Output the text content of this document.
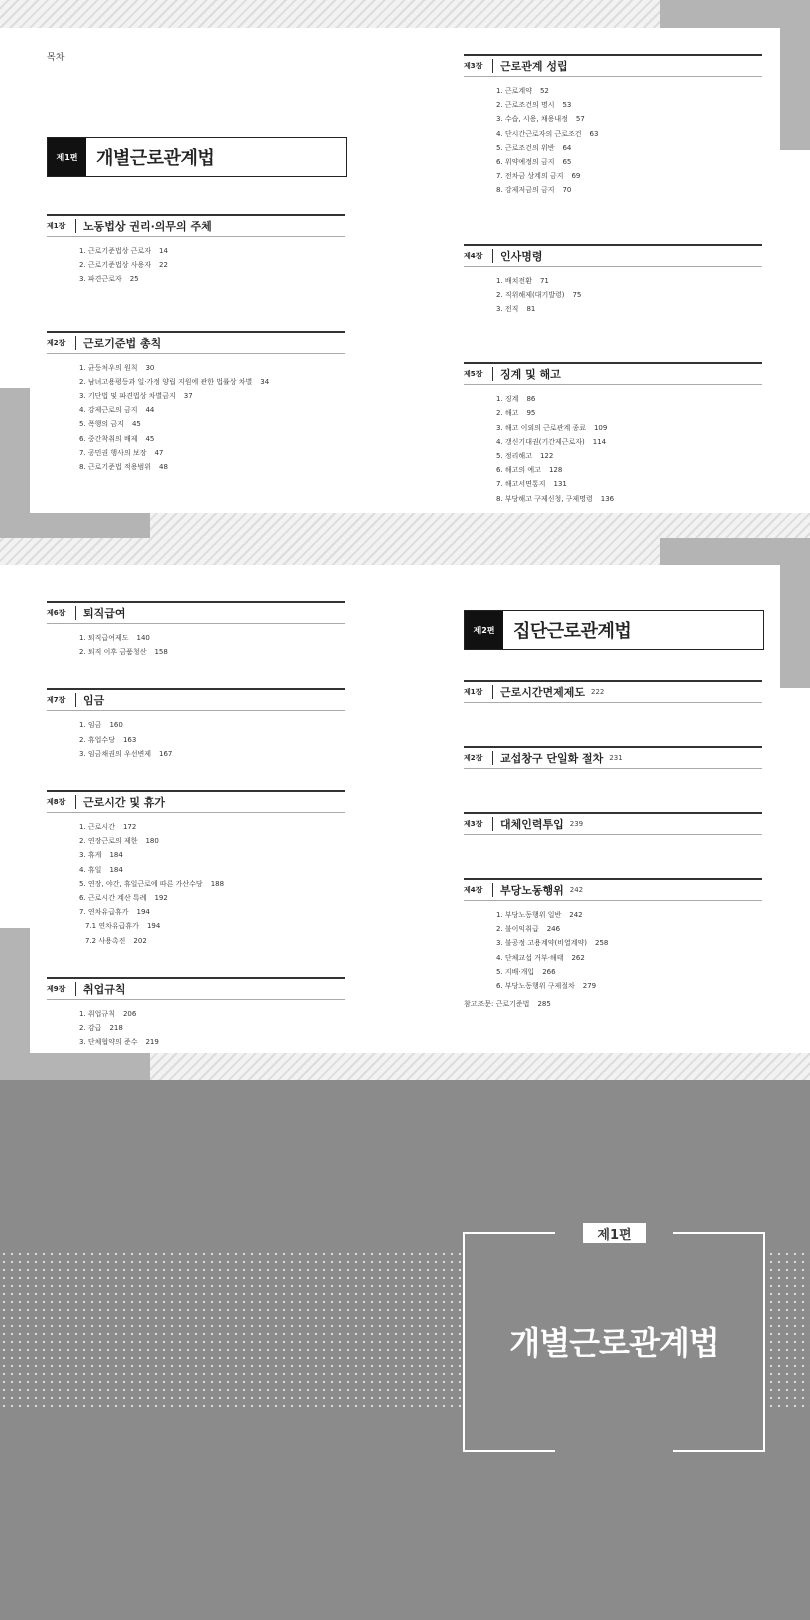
목차
제1편	개별근로관계법
제1장 노동법상 권리·의무의 주체
1. 근로기준법상 근로자 14
2. 근로기준법상 사용자 22
3. 파견근로자 25
제2장 근로기준법 총칙
1. 균등처우의 원칙 30
2. 남녀고용평등과 일·가정 양립 지원에 관한 법률상 차별 34
3. 기단법 및 파견법상 차별금지 37
4. 강제근로의 금지 44
5. 폭행의 금지 45
6. 중간착취의 배제 45
7. 공민권 행사의 보장 47
8. 근로기준법 적용범위 48
제3장 근로관계 성립
1. 근로계약 52
2. 근로조건의 명시 53
3. 수습, 시용, 채용내정 57
4. 단시간근로자의 근로조건 63
5. 근로조건의 위반 64
6. 위약예정의 금지 65
7. 전차금 상계의 금지 69
8. 강제저금의 금지 70
제4장 인사명령
1. 배치전환 71
2. 직위해제(대기발령) 75
3. 전직 81
제5장 징계 및 해고
1. 징계 86
2. 해고 95
3. 해고 이외의 근로관계 종료 109
4. 갱신기대권(기간제근로자) 114
5. 정리해고 122
6. 해고의 예고 128
7. 해고서면통지 131
8. 부당해고 구제신청, 구제명령 136
제6장 퇴직급여
1. 퇴직급여제도 140
2. 퇴직 이후 금품청산 158
제7장 임금
1. 임금 160
2. 휴업수당 163
3. 임금채권의 우선변제 167
제8장 근로시간 및 휴가
1. 근로시간 172
2. 연장근로의 제한 180
3. 휴게 184
4. 휴일 184
5. 연장, 야간, 휴일근로에 따른 가산수당 188
6. 근로시간 계산 특례 192
7. 연차유급휴가 194
7.1 연차유급휴가 194
7.2 사용촉진 202
제9장 취업규칙
1. 취업규칙 206
2. 감급 218
3. 단체협약의 준수 219
제2편	집단근로관계법
제1장 근로시간면제제도 222
제2장 교섭창구 단일화 절차 231
제3장 대체인력투입 239
제4장 부당노동행위 242
1. 부당노동행위 일반 242
2. 불이익취급 246
3. 불공정 고용계약(비열계약) 258
4. 단체교섭 거부·해태 262
5. 지배·개입 266
6. 부당노동행위 구제절차 279
참고조문: 근로기준법 285
제1편
개별근로관계법
